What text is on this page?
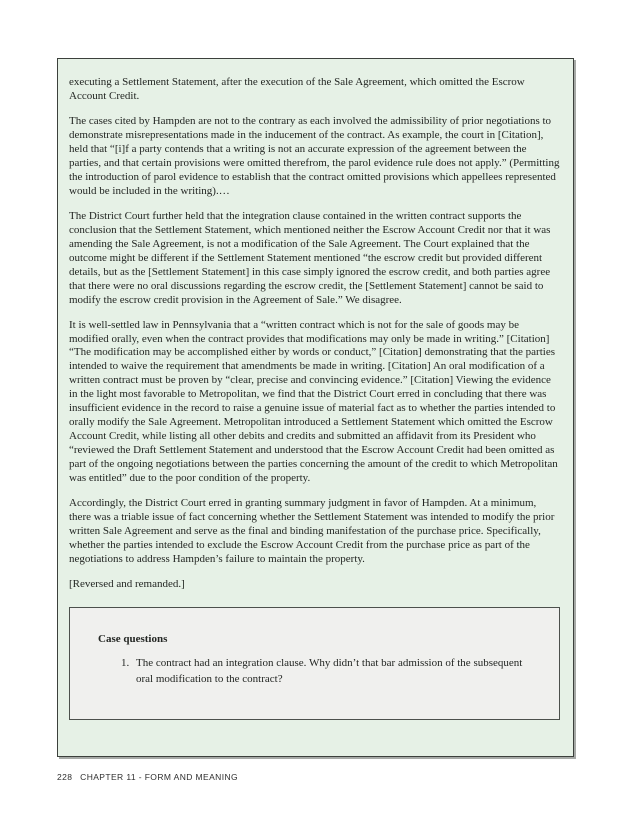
executing a Settlement Statement, after the execution of the Sale Agreement, which omitted the Escrow Account Credit.

The cases cited by Hampden are not to the contrary as each involved the admissibility of prior negotiations to demonstrate misrepresentations made in the inducement of the contract. As example, the court in [Citation], held that “[i]f a party contends that a writing is not an accurate expression of the agreement between the parties, and that certain provisions were omitted therefrom, the parol evidence rule does not apply.” (Permitting the introduction of parol evidence to establish that the contract omitted provisions which appellees represented would be included in the writing).…

The District Court further held that the integration clause contained in the written contract supports the conclusion that the Settlement Statement, which mentioned neither the Escrow Account Credit nor that it was amending the Sale Agreement, is not a modification of the Sale Agreement. The Court explained that the outcome might be different if the Settlement Statement mentioned “the escrow credit but provided different details, but as the [Settlement Statement] in this case simply ignored the escrow credit, and both parties agree that there were no oral discussions regarding the escrow credit, the [Settlement Statement] cannot be said to modify the escrow credit provision in the Agreement of Sale.” We disagree.

It is well-settled law in Pennsylvania that a “written contract which is not for the sale of goods may be modified orally, even when the contract provides that modifications may only be made in writing.” [Citation] “The modification may be accomplished either by words or conduct,” [Citation] demonstrating that the parties intended to waive the requirement that amendments be made in writing. [Citation] An oral modification of a written contract must be proven by “clear, precise and convincing evidence.” [Citation] Viewing the evidence in the light most favorable to Metropolitan, we find that the District Court erred in concluding that there was insufficient evidence in the record to raise a genuine issue of material fact as to whether the parties intended to orally modify the Sale Agreement. Metropolitan introduced a Settlement Statement which omitted the Escrow Account Credit, while listing all other debits and credits and submitted an affidavit from its President who “reviewed the Draft Settlement Statement and understood that the Escrow Account Credit had been omitted as part of the ongoing negotiations between the parties concerning the amount of the credit to which Metropolitan was entitled” due to the poor condition of the property.

Accordingly, the District Court erred in granting summary judgment in favor of Hampden. At a minimum, there was a triable issue of fact concerning whether the Settlement Statement was intended to modify the prior written Sale Agreement and serve as the final and binding manifestation of the purchase price. Specifically, whether the parties intended to exclude the Escrow Account Credit from the purchase price as part of the negotiations to address Hampden’s failure to maintain the property.

[Reversed and remanded.]

Case questions
1. The contract had an integration clause. Why didn’t that bar admission of the subsequent oral modification to the contract?
228 CHAPTER 11 - FORM AND MEANING
